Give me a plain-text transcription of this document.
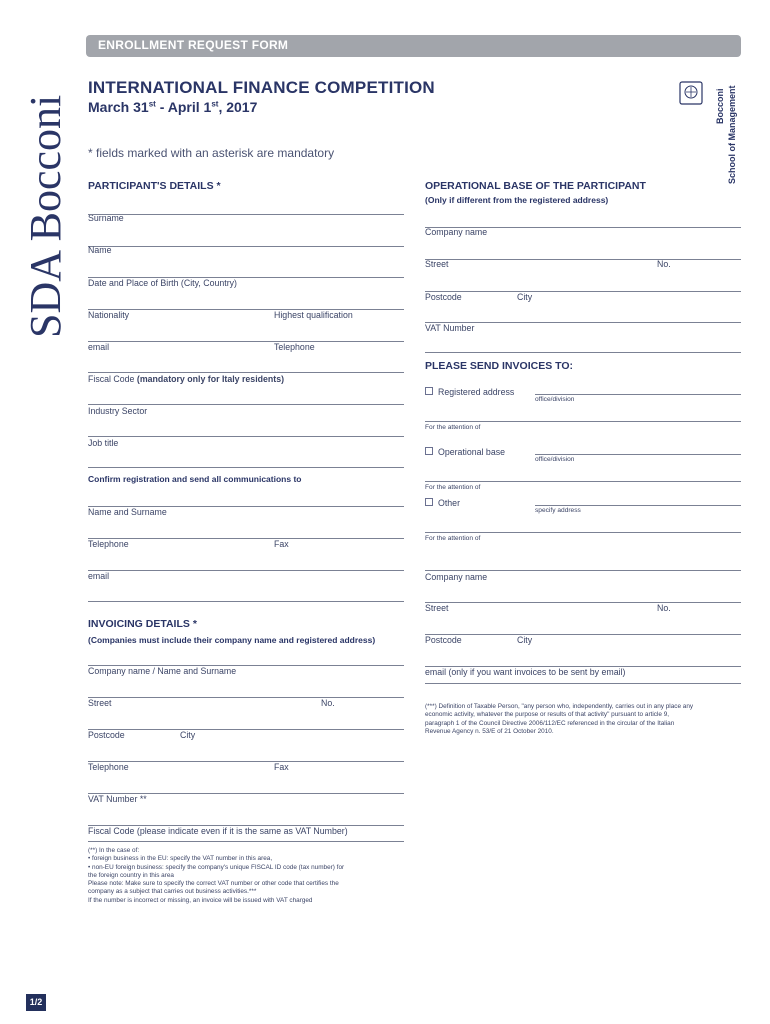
ENROLLMENT REQUEST FORM
SDA Bocconi
INTERNATIONAL FINANCE COMPETITION
March 31st - April 1st, 2017
* fields marked with an asterisk are mandatory
Bocconi School of Management
PARTICIPANT'S DETAILS *
Surname
Name
Date and Place of Birth (City, Country)
Nationality	Highest qualification
email	Telephone
Fiscal Code (mandatory only for Italy residents)
Industry Sector
Job title
Confirm registration and send all communications to
Name and Surname
Telephone	Fax
email
INVOICING DETAILS *
(Companies must include their company name and registered address)
Company name / Name and Surname
Street	No.
Postcode	City
Telephone	Fax
VAT Number **
Fiscal Code (please indicate even if it is the same as VAT Number)
(**) In the case of:
• foreign business in the EU: specify the VAT number in this area,
• non-EU foreign business: specify the company's unique FISCAL ID code (tax number) for
the foreign country in this area
Please note: Make sure to specify the correct VAT number or other code that certifies the
company as a subject that carries out business activities.***
If the number is incorrect or missing, an invoice will be issued with VAT charged
OPERATIONAL BASE OF THE PARTICIPANT
(Only if different from the registered address)
Company name
Street	No.
Postcode	City
VAT Number
PLEASE SEND INVOICES TO:
Registered address
office/division
For the attention of
Operational base
office/division
For the attention of
Other
specify address
For the attention of
Company name
Street	No.
Postcode	City
email (only if you want invoices to be sent by email)
(***) Definition of Taxable Person, "any person who, independently, carries out in any place any
economic activity, whatever the purpose or results of that activity" pursuant to article 9,
paragraph 1 of the Council Directive 2006/112/EC referenced in the circular of the Italian
Revenue Agency n. 53/E of 21 October 2010.
1/2
